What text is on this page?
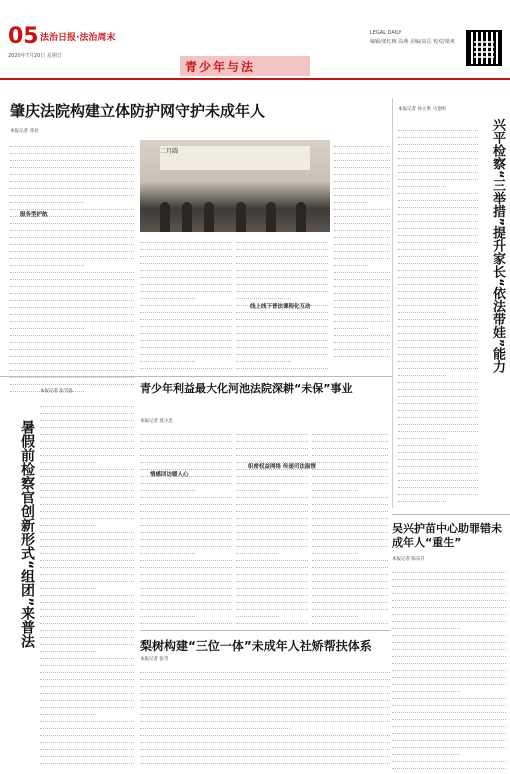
05 法治日报·法治周末
2020年7月20日 星期日
LEGAL DAILY
编辑/张红梅 高燕 美编/高岳 校对/梁爽
青少年与法
肇庆法院构建立体防护网守护未成年人
本报记者 邓君
二月圆
服务型护航
线上线下普法课程化互动	兴平检察“三举措”提升家长“依法带娃”能力
本报记者 孙立果 马金明
暑假前检察官创新形式“组团”来普法
本报记者 张雪泓	青少年利益最大化河池法院深耕“未保”事业
本报记者 莫小忠
情感回访暖人心
织密权益网络 传递司法温情
梨树构建“三位一体”未成年人社矫帮扶体系
本报记者 张雪
吴兴护苗中心助罪错未成年人“重生”
本报记者 陈东升
